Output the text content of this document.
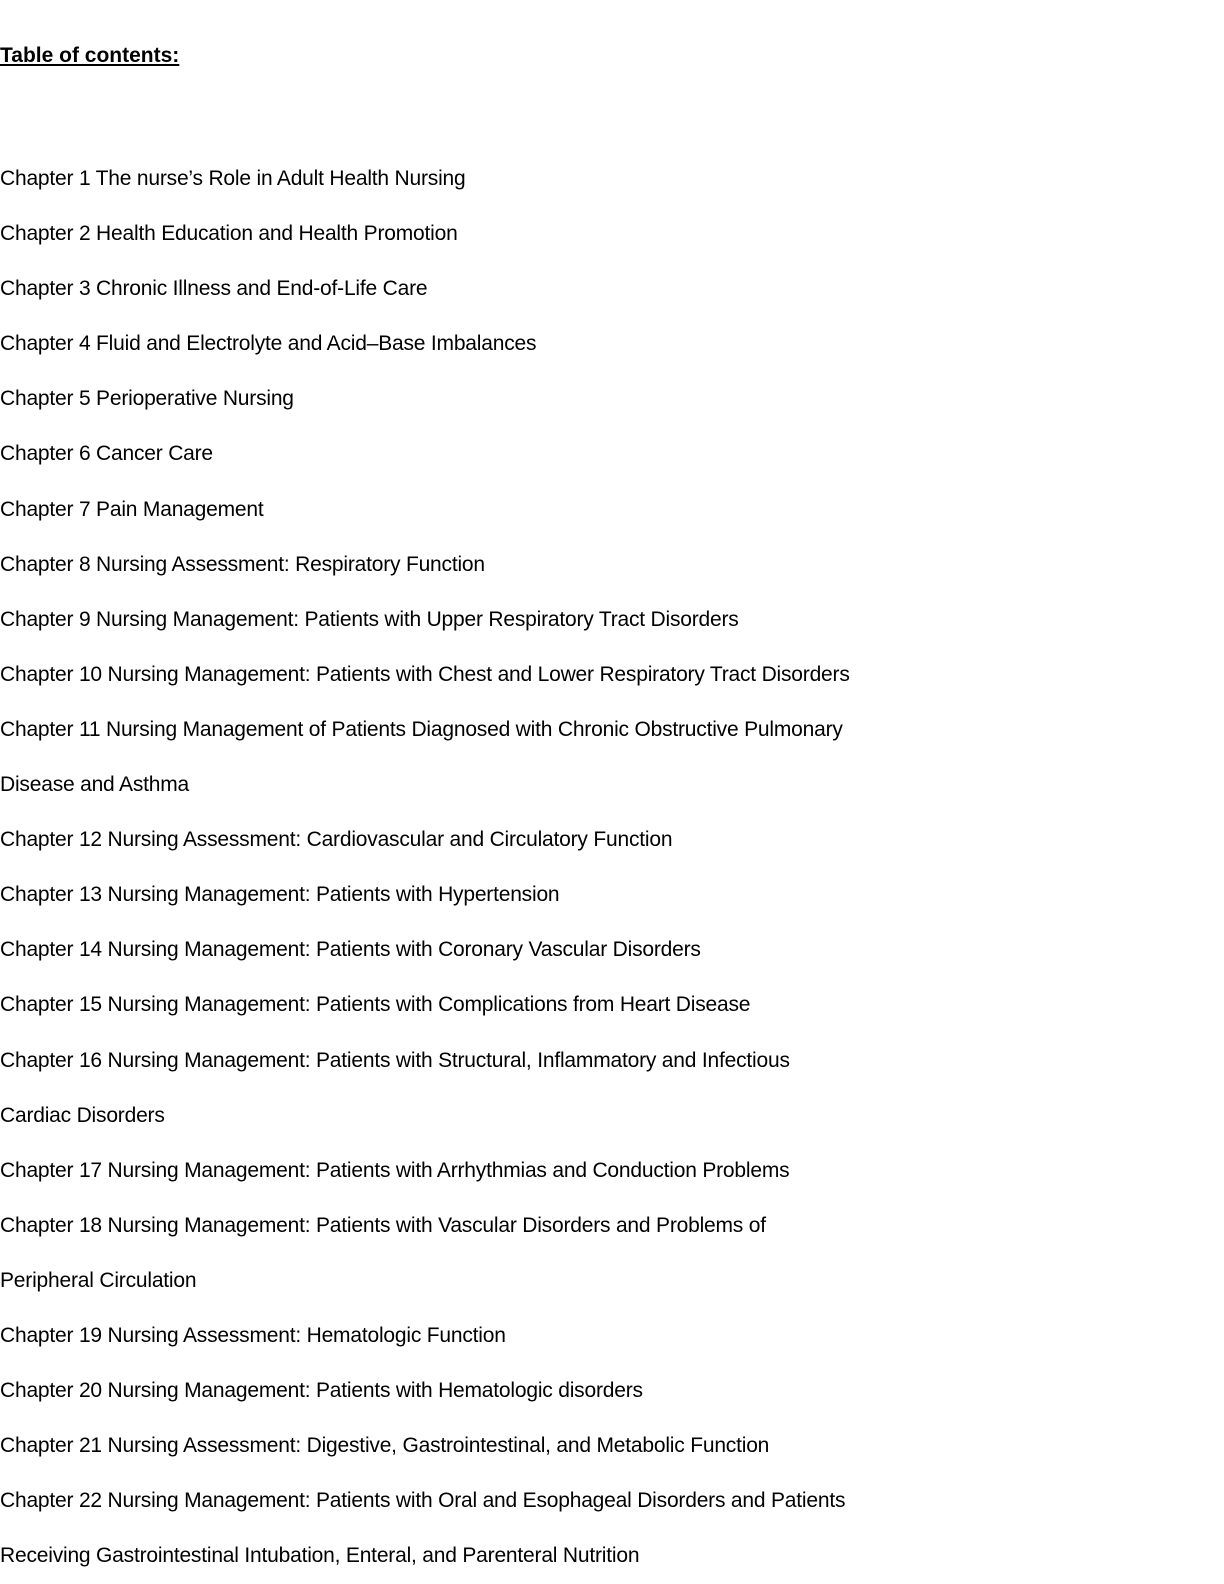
Table of contents:
Chapter 1 The nurse’s Role in Adult Health Nursing
Chapter 2 Health Education and Health Promotion
Chapter 3 Chronic Illness and End-of-Life Care
Chapter 4 Fluid and Electrolyte and Acid–Base Imbalances
Chapter 5 Perioperative Nursing
Chapter 6 Cancer Care
Chapter 7 Pain Management
Chapter 8 Nursing Assessment: Respiratory Function
Chapter 9 Nursing Management: Patients with Upper Respiratory Tract Disorders
Chapter 10 Nursing Management: Patients with Chest and Lower Respiratory Tract Disorders
Chapter 11 Nursing Management of Patients Diagnosed with Chronic Obstructive Pulmonary
Disease and Asthma
Chapter 12 Nursing Assessment: Cardiovascular and Circulatory Function
Chapter 13 Nursing Management: Patients with Hypertension
Chapter 14 Nursing Management: Patients with Coronary Vascular Disorders
Chapter 15 Nursing Management: Patients with Complications from Heart Disease
Chapter 16 Nursing Management: Patients with Structural, Inflammatory and Infectious
Cardiac Disorders
Chapter 17 Nursing Management: Patients with Arrhythmias and Conduction Problems
Chapter 18 Nursing Management: Patients with Vascular Disorders and Problems of
Peripheral Circulation
Chapter 19 Nursing Assessment: Hematologic Function
Chapter 20 Nursing Management: Patients with Hematologic disorders
Chapter 21 Nursing Assessment: Digestive, Gastrointestinal, and Metabolic Function
Chapter 22 Nursing Management: Patients with Oral and Esophageal Disorders and Patients
Receiving Gastrointestinal Intubation, Enteral, and Parenteral Nutrition
